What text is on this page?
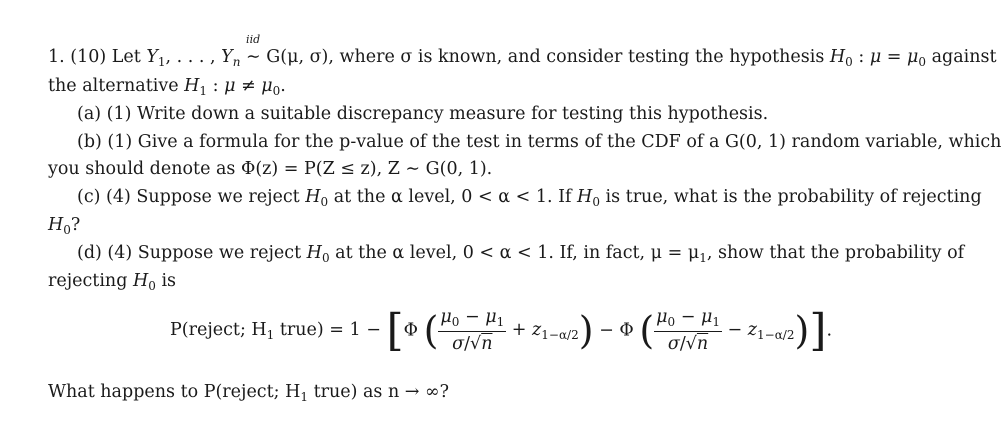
1. (10) Let $Y_1$, . . . , $Y_n$
iid
∼ G(μ, σ), where σ is known, and consider testing the hypothesis $H_0$ : $\mu = \mu_0$ against
the alternative $H_1$ : $\mu \ne \mu_0$.
(a) (1) Write down a suitable discrepancy measure for testing this hypothesis.
(b) (1) Give a formula for the p-value of the test in terms of the CDF of a G(0, 1) random variable, which
you should denote as Φ(z) = P(Z ≤ z), Z ∼ G(0, 1).
(c) (4) Suppose we reject $H_0$ at the α level, 0 < α < 1. If $H_0$ is true, what is the probability of rejecting
$H_0$?
(d) (4) Suppose we reject $H_0$ at the α level, 0 < α < 1. If, in fact, $\mu = \mu_1$, show that the probability of
rejecting $H_0$ is
P(reject; $H_1$ true) = 1 − [Φ ( $\frac{\mu_0 - \mu_1}{\sigma/√n} + z_{1-\alpha/2}) - \Phi$ ( $\frac{\mu_0 - \mu_1}{\sigma/√n} - z_{1-\alpha/2}$)].
What happens to P(reject; $H_1$ true) as n → ∞?
